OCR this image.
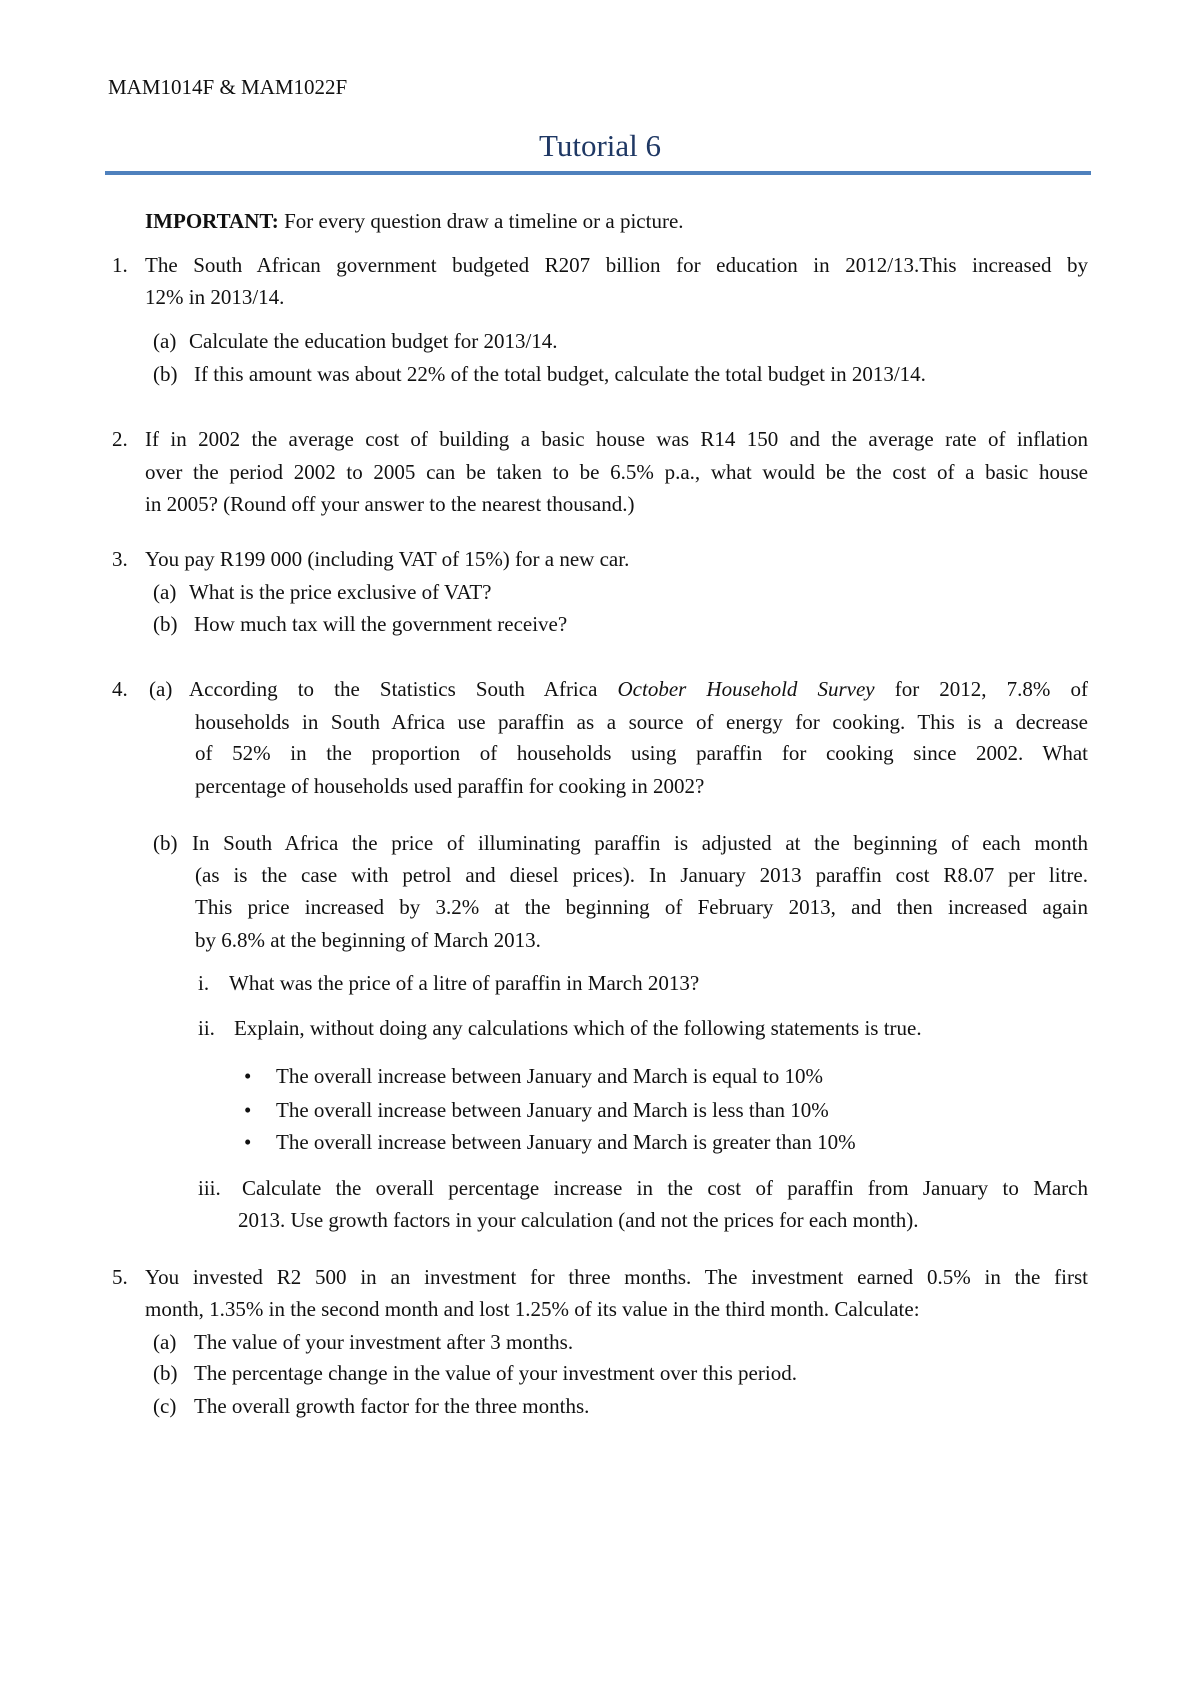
MAM1014F & MAM1022F
Tutorial 6
IMPORTANT: For every question draw a timeline or a picture.
1. The South African government budgeted R207 billion for education in 2012/13.This increased by
12% in 2013/14.
(a) Calculate the education budget for 2013/14.
(b) If this amount was about 22% of the total budget, calculate the total budget in 2013/14.
2. If in 2002 the average cost of building a basic house was R14 150 and the average rate of inflation
over the period 2002 to 2005 can be taken to be 6.5% p.a., what would be the cost of a basic house
in 2005? (Round off your answer to the nearest thousand.)
3. You pay R199 000 (including VAT of 15%) for a new car.
(a) What is the price exclusive of VAT?
(b) How much tax will the government receive?
4. (a) According to the Statistics South Africa October Household Survey for 2012, 7.8% of
households in South Africa use paraffin as a source of energy for cooking. This is a decrease
of 52% in the proportion of households using paraffin for cooking since 2002. What
percentage of households used paraffin for cooking in 2002?
(b) In South Africa the price of illuminating paraffin is adjusted at the beginning of each month
(as is the case with petrol and diesel prices). In January 2013 paraffin cost R8.07 per litre.
This price increased by 3.2% at the beginning of February 2013, and then increased again
by 6.8% at the beginning of March 2013.
i. What was the price of a litre of paraffin in March 2013?
ii. Explain, without doing any calculations which of the following statements is true.
• The overall increase between January and March is equal to 10%
• The overall increase between January and March is less than 10%
• The overall increase between January and March is greater than 10%
iii. Calculate the overall percentage increase in the cost of paraffin from January to March
2013. Use growth factors in your calculation (and not the prices for each month).
5. You invested R2 500 in an investment for three months. The investment earned 0.5% in the first
month, 1.35% in the second month and lost 1.25% of its value in the third month. Calculate:
(a) The value of your investment after 3 months.
(b) The percentage change in the value of your investment over this period.
(c) The overall growth factor for the three months.
